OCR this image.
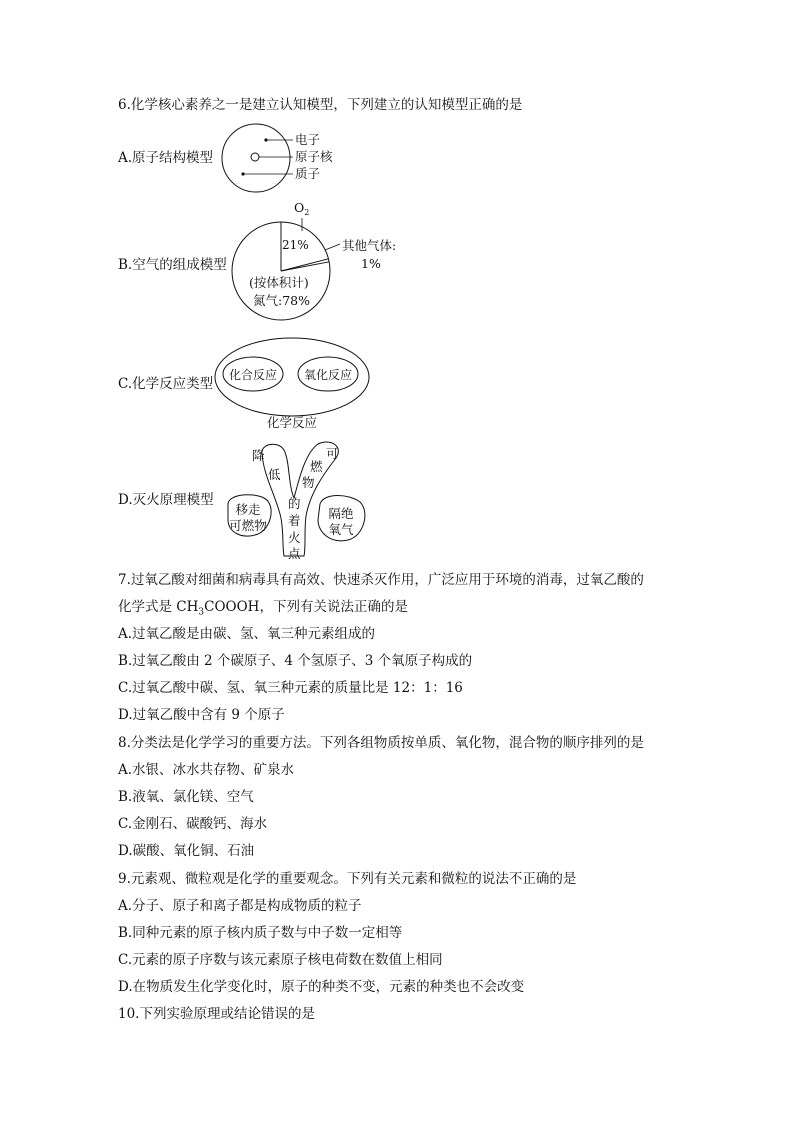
6.化学核心素养之一是建立认知模型，下列建立的认知模型正确的是
A.原子结构模型
电子
原子核
质子
B.空气的组成模型
$O_2$
21%	其他气体:
1%
(按体积计)
氮气:78%
C.化学反应类型
化合反应 氧化反应
化学反应
D.灭火原理模型
降
低
可
燃
物
的
着
火
点
移走
可燃物
隔绝
氧气
7.过氧乙酸对细菌和病毒具有高效、快速杀灭作用，广泛应用于环境的消毒，过氧乙酸的
化学式是 $CH_3COOOH$，下列有关说法正确的是
A.过氧乙酸是由碳、氢、氧三种元素组成的
B.过氧乙酸由 2 个碳原子、4 个氢原子、3 个氧原子构成的
C.过氧乙酸中碳、氢、氧三种元素的质量比是 12：1：16
D.过氧乙酸中含有 9 个原子
8.分类法是化学学习的重要方法。下列各组物质按单质、氧化物，混合物的顺序排列的是
A.水银、冰水共存物、矿泉水
B.液氧、氯化镁、空气
C.金刚石、碳酸钙、海水
D.碳酸、氧化铜、石油
9.元素观、微粒观是化学的重要观念。下列有关元素和微粒的说法不正确的是
A.分子、原子和离子都是构成物质的粒子
B.同种元素的原子核内质子数与中子数一定相等
C.元素的原子序数与该元素原子核电荷数在数值上相同
D.在物质发生化学变化时，原子的种类不变，元素的种类也不会改变
10.下列实验原理或结论错误的是
